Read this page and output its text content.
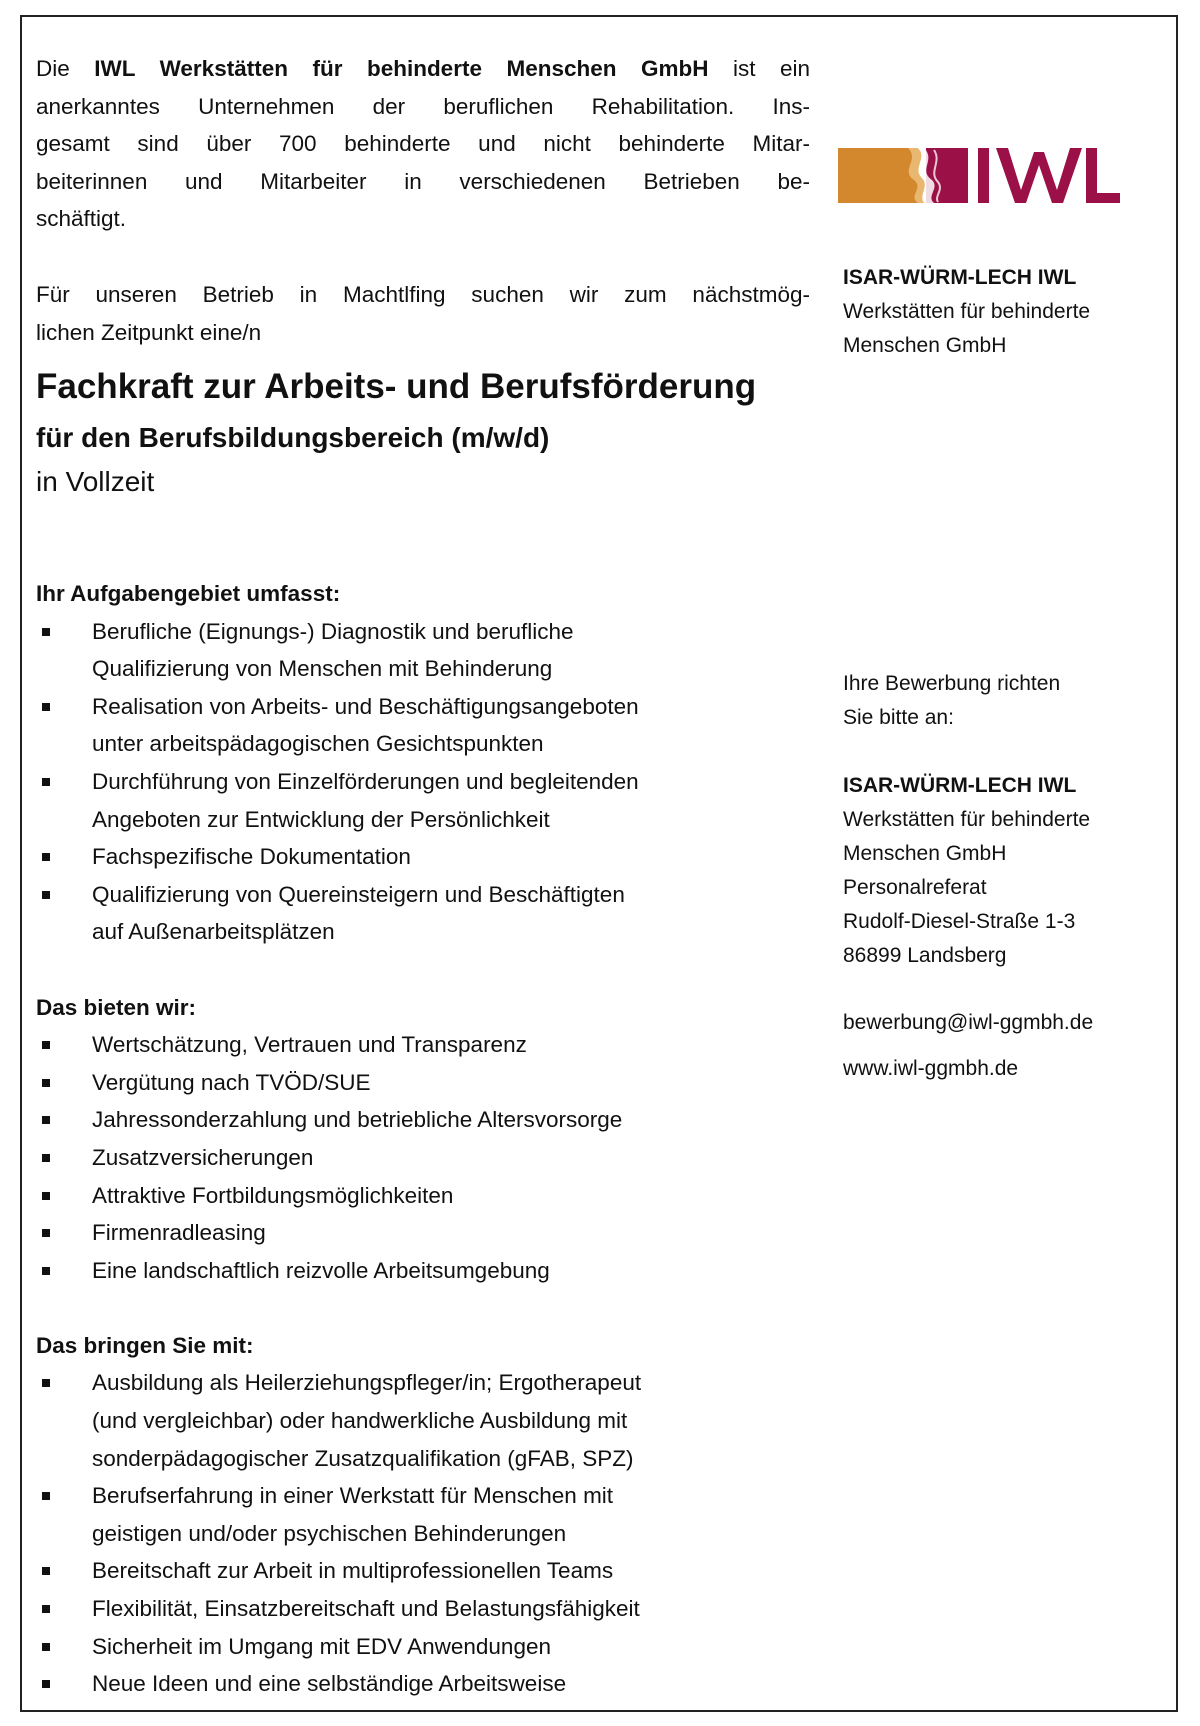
Die IWL Werkstätten für behinderte Menschen GmbH ist ein
anerkanntes Unternehmen der beruflichen Rehabilitation. Ins-
gesamt sind über 700 behinderte und nicht behinderte Mitar-
beiterinnen und Mitarbeiter in verschiedenen Betrieben be-
schäftigt.
Für unseren Betrieb in Machtlfing suchen wir zum nächstmög-
lichen Zeitpunkt eine/n
Fachkraft zur Arbeits- und Berufsförderung
für den Berufsbildungsbereich (m/w/d)
in Vollzeit
Ihr Aufgabengebiet umfasst:
Berufliche (Eignungs-) Diagnostik und berufliche
Qualifizierung von Menschen mit Behinderung
Realisation von Arbeits- und Beschäftigungsangeboten
unter arbeitspädagogischen Gesichtspunkten
Durchführung von Einzelförderungen und begleitenden
Angeboten zur Entwicklung der Persönlichkeit
Fachspezifische Dokumentation
Qualifizierung von Quereinsteigern und Beschäftigten
auf Außenarbeitsplätzen
Das bieten wir:
Wertschätzung, Vertrauen und Transparenz
Vergütung nach TVÖD/SUE
Jahressonderzahlung und betriebliche Altersvorsorge
Zusatzversicherungen
Attraktive Fortbildungsmöglichkeiten
Firmenradleasing
Eine landschaftlich reizvolle Arbeitsumgebung
Das bringen Sie mit:
Ausbildung als Heilerziehungspfleger/in; Ergotherapeut
(und vergleichbar) oder handwerkliche Ausbildung mit
sonderpädagogischer Zusatzqualifikation (gFAB, SPZ)
Berufserfahrung in einer Werkstatt für Menschen mit
geistigen und/oder psychischen Behinderungen
Bereitschaft zur Arbeit in multiprofessionellen Teams
Flexibilität, Einsatzbereitschaft und Belastungsfähigkeit
Sicherheit im Umgang mit EDV Anwendungen
Neue Ideen und eine selbständige Arbeitsweise
ISAR-WÜRM-LECH IWL
Werkstätten für behinderte
Menschen GmbH
Ihre Bewerbung richten
Sie bitte an:
ISAR-WÜRM-LECH IWL
Werkstätten für behinderte
Menschen GmbH
Personalreferat
Rudolf-Diesel-Straße 1-3
86899 Landsberg
bewerbung@iwl-ggmbh.de
www.iwl-ggmbh.de
